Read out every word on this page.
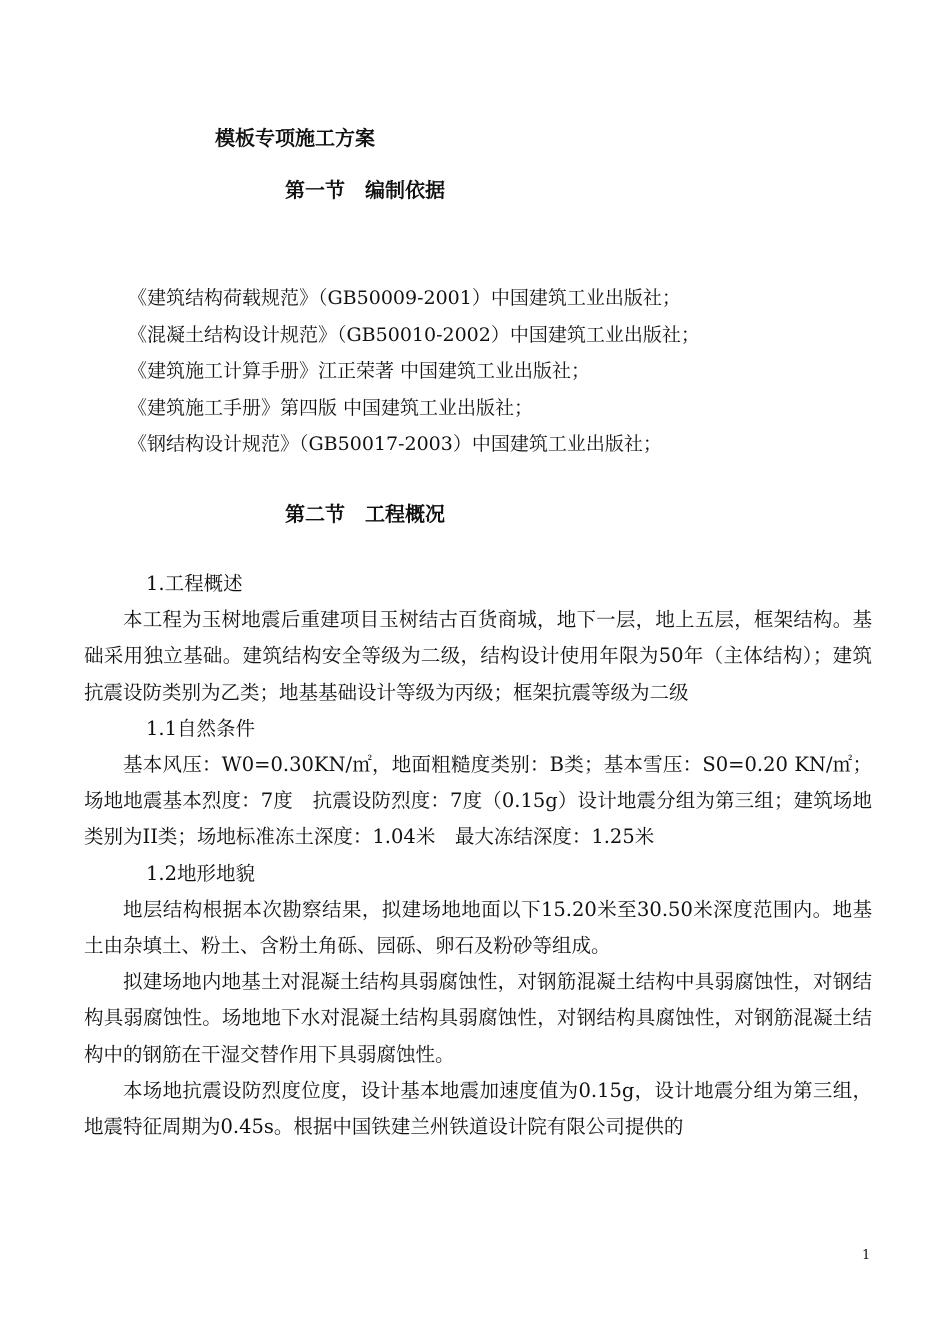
模板专项施工方案
第一节　编制依据
《建筑结构荷载规范》（GB50009-2001）中国建筑工业出版社；
《混凝土结构设计规范》（GB50010-2002）中国建筑工业出版社；
《建筑施工计算手册》江正荣著 中国建筑工业出版社；
《建筑施工手册》第四版 中国建筑工业出版社；
《钢结构设计规范》（GB50017-2003）中国建筑工业出版社；
第二节　工程概况
1.工程概述

本工程为玉树地震后重建项目玉树结古百货商城，地下一层，地上五层，框架结构。基础采用独立基础。建筑结构安全等级为二级，结构设计使用年限为50年（主体结构）；建筑抗震设防类别为乙类；地基基础设计等级为丙级；框架抗震等级为二级

1.1自然条件

基本风压：W0=0.30KN/㎡，地面粗糙度类别：B类；基本雪压：S0=0.20 KN/㎡；场地地震基本烈度：7度　抗震设防烈度：7度（0.15g）设计地震分组为第三组；建筑场地类别为II类；场地标准冻土深度：1.04米　最大冻结深度：1.25米

1.2地形地貌

地层结构根据本次勘察结果，拟建场地地面以下15.20米至30.50米深度范围内。地基土由杂填土、粉土、含粉土角砾、园砾、卵石及粉砂等组成。

拟建场地内地基土对混凝土结构具弱腐蚀性，对钢筋混凝土结构中具弱腐蚀性，对钢结构具弱腐蚀性。场地地下水对混凝土结构具弱腐蚀性，对钢结构具腐蚀性，对钢筋混凝土结构中的钢筋在干湿交替作用下具弱腐蚀性。

本场地抗震设防烈度位度，设计基本地震加速度值为0.15g，设计地震分组为第三组，地震特征周期为0.45s。根据中国铁建兰州铁道设计院有限公司提供的

1
